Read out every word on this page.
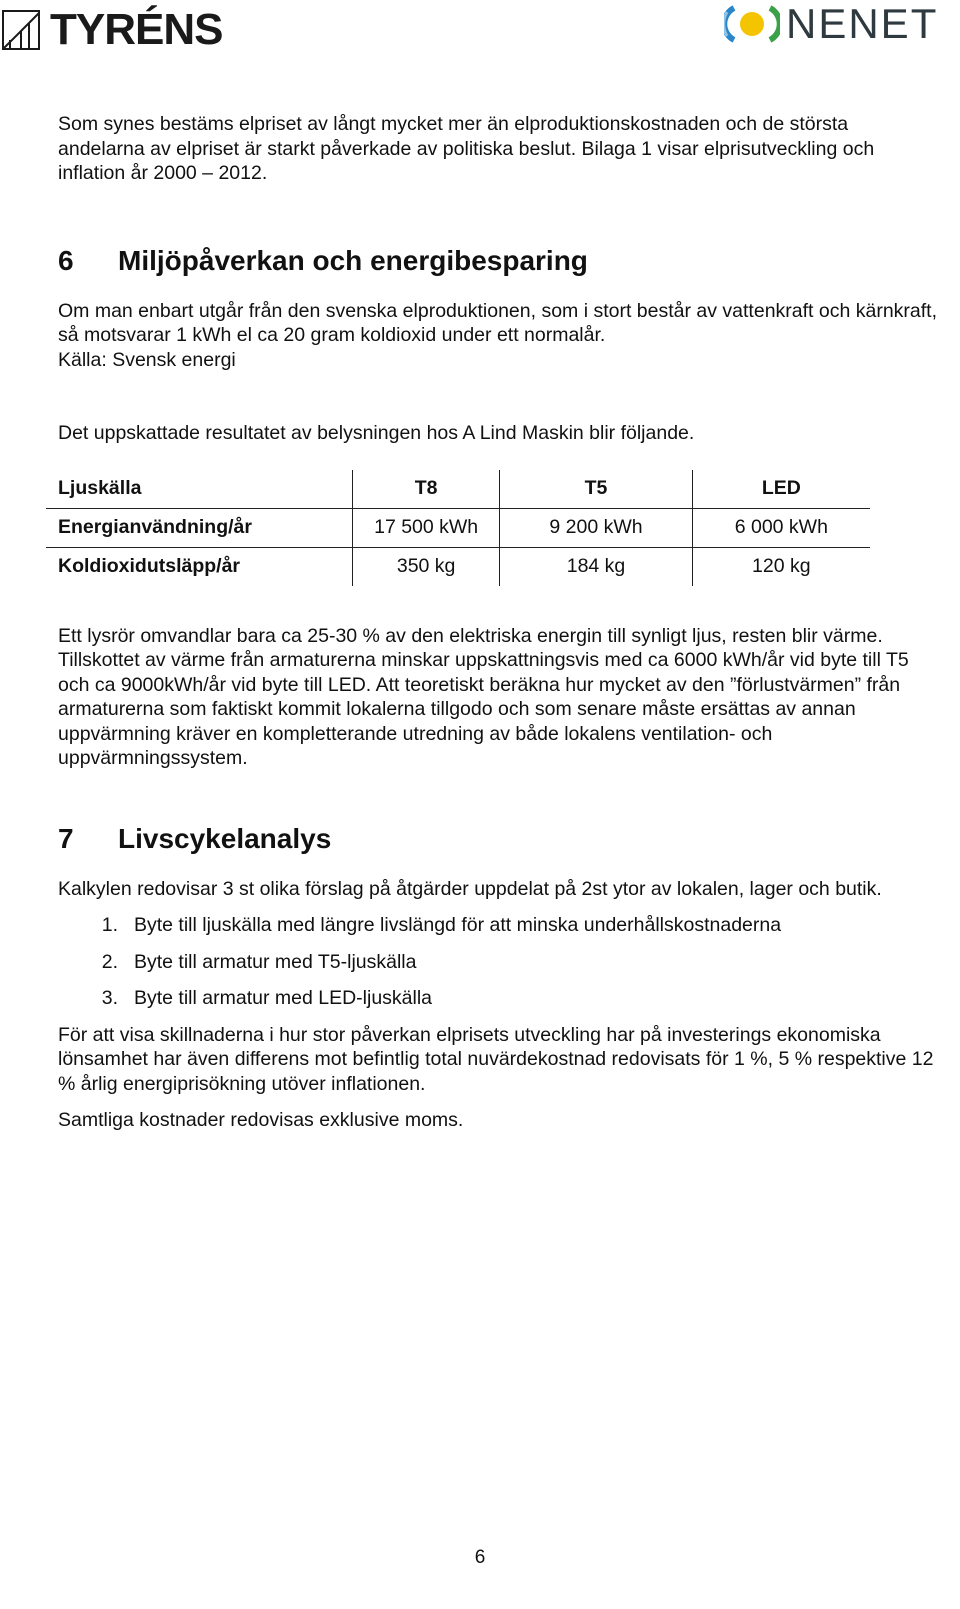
TYRÉNS	NENET

Som synes bestäms elpriset av långt mycket mer än elproduktionskostnaden och de största andelarna av elpriset är starkt påverkade av politiska beslut. Bilaga 1 visar elprisutveckling och inflation år 2000 – 2012.

6	Miljöpåverkan och energibesparing

Om man enbart utgår från den svenska elproduktionen, som i stort består av vattenkraft och kärnkraft, så motsvarar 1 kWh el ca 20 gram koldioxid under ett normalår.

Källa: Svensk energi

Det uppskattade resultatet av belysningen hos A Lind Maskin blir följande.

Ljuskälla	T8	T5	LED
Energianvändning/år	17 500 kWh	9 200 kWh	6 000 kWh
Koldioxidutsläpp/år	350 kg	184 kg	120 kg

Ett lysrör omvandlar bara ca 25-30 % av den elektriska energin till synligt ljus, resten blir värme. Tillskottet av värme från armaturerna minskar uppskattningsvis med ca 6000 kWh/år vid byte till T5 och ca 9000kWh/år vid byte till LED. Att teoretiskt beräkna hur mycket av den ”förlustvärmen” från armaturerna som faktiskt kommit lokalerna tillgodo och som senare måste ersättas av annan uppvärmning kräver en kompletterande utredning av både lokalens ventilation- och uppvärmningssystem.

7	Livscykelanalys

Kalkylen redovisar 3 st olika förslag på åtgärder uppdelat på 2st ytor av lokalen, lager och butik.

1. Byte till ljuskälla med längre livslängd för att minska underhållskostnaderna
2. Byte till armatur med T5-ljuskälla
3. Byte till armatur med LED-ljuskälla

För att visa skillnaderna i hur stor påverkan elprisets utveckling har på investerings ekonomiska lönsamhet har även differens mot befintlig total nuvärdekostnad redovisats för 1 %, 5 % respektive 12 % årlig energiprisökning utöver inflationen.

Samtliga kostnader redovisas exklusive moms.

6
